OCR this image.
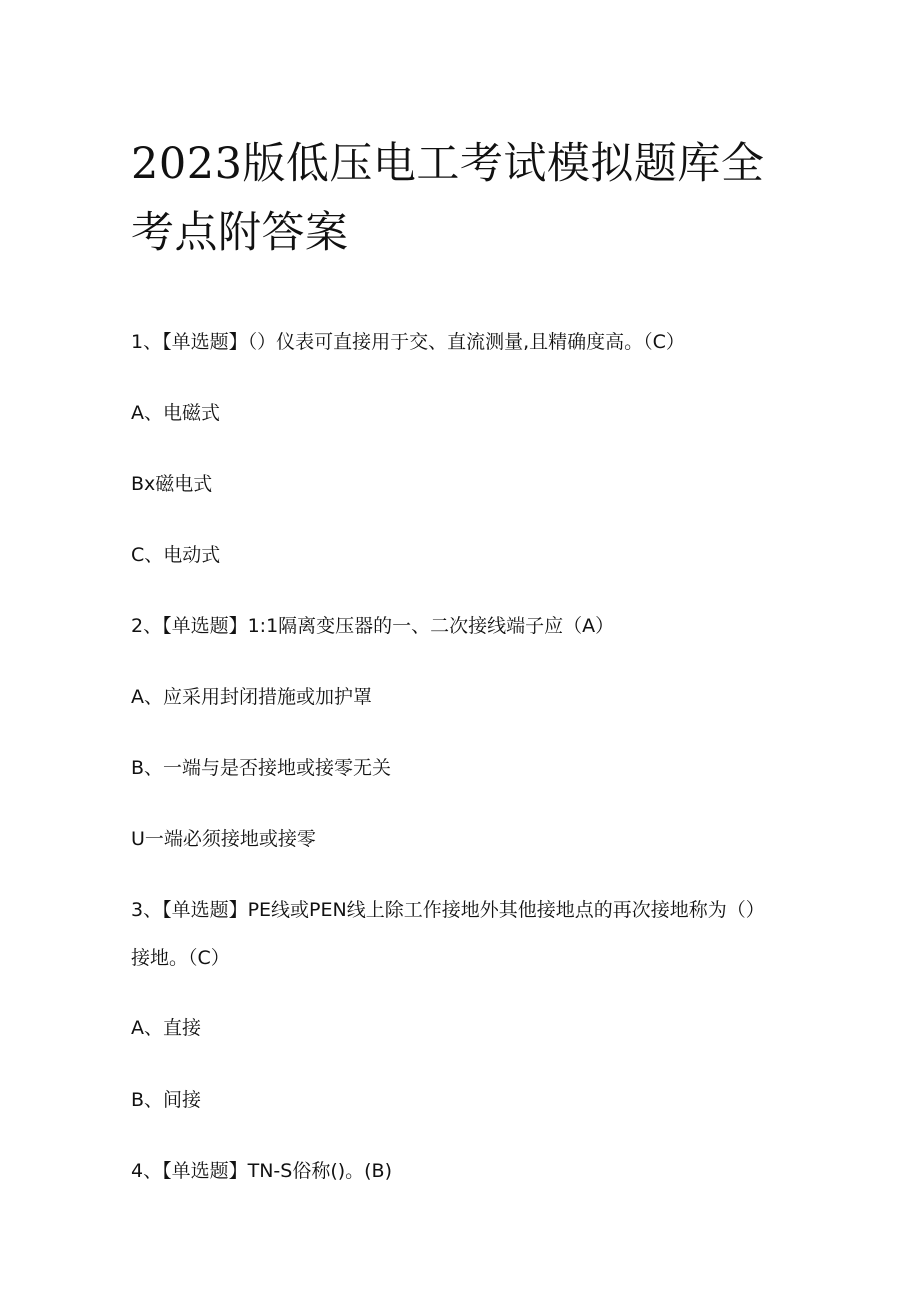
2023版低压电工考试模拟题库全考点附答案
1、【单选题】（）仪表可直接用于交、直流测量,且精确度高。（C）
A、电磁式
Bx磁电式
C、电动式
2、【单选题】1:1隔离变压器的一、二次接线端子应（A）
A、应采用封闭措施或加护罩
B、一端与是否接地或接零无关
U一端必须接地或接零
3、【单选题】PE线或PEN线上除工作接地外其他接地点的再次接地称为（）接地。（C）
A、直接
B、间接
4、【单选题】TN-S俗称()。(B)
